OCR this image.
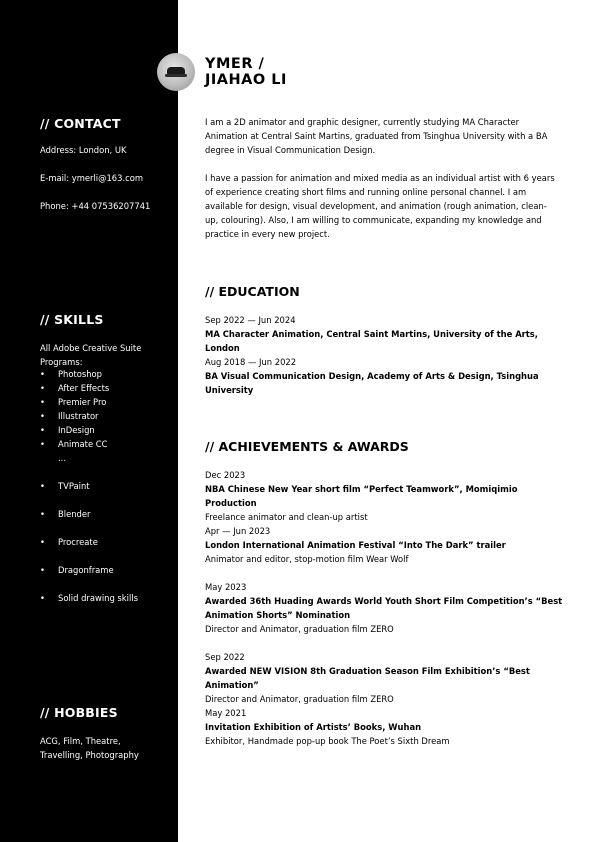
// CONTACT
Address: London, UK
E-mail: ymerli@163.com
Phone: +44 07536207741
// SKILLS
All Adobe Creative Suite
Programs:
• Photoshop
• After Effects
• Premier Pro
• Illustrator
• InDesign
• Animate CC
...
• TVPaint
• Blender
• Procreate
• Dragonframe
• Solid drawing skills
// HOBBIES
ACG, Film, Theatre,
Travelling, Photography
YMER /
JIAHAO LI
I am a 2D animator and graphic designer, currently studying MA Character Animation at Central Saint Martins, graduated from Tsinghua University with a BA degree in Visual Communication Design.
I have a passion for animation and mixed media as an individual artist with 6 years of experience creating short films and running online personal channel. I am available for design, visual development, and animation (rough animation, clean-up, colouring). Also, I am willing to communicate, expanding my knowledge and practice in every new project.
// EDUCATION
Sep 2022 — Jun 2024
MA Character Animation, Central Saint Martins, University of the Arts, London
Aug 2018 — Jun 2022
BA Visual Communication Design, Academy of Arts & Design, Tsinghua University
// ACHIEVEMENTS & AWARDS
Dec 2023
NBA Chinese New Year short film “Perfect Teamwork”, Momiqimio Production
Freelance animator and clean-up artist
Apr — Jun 2023
London International Animation Festival “Into The Dark” trailer
Animator and editor, stop-motion film Wear Wolf
May 2023
Awarded 36th Huading Awards World Youth Short Film Competition’s “Best Animation Shorts” Nomination
Director and Animator, graduation film ZERO
Sep 2022
Awarded NEW VISION 8th Graduation Season Film Exhibition’s “Best Animation”
Director and Animator, graduation film ZERO
May 2021
Invitation Exhibition of Artists’ Books, Wuhan
Exhibitor, Handmade pop-up book The Poet’s Sixth Dream
